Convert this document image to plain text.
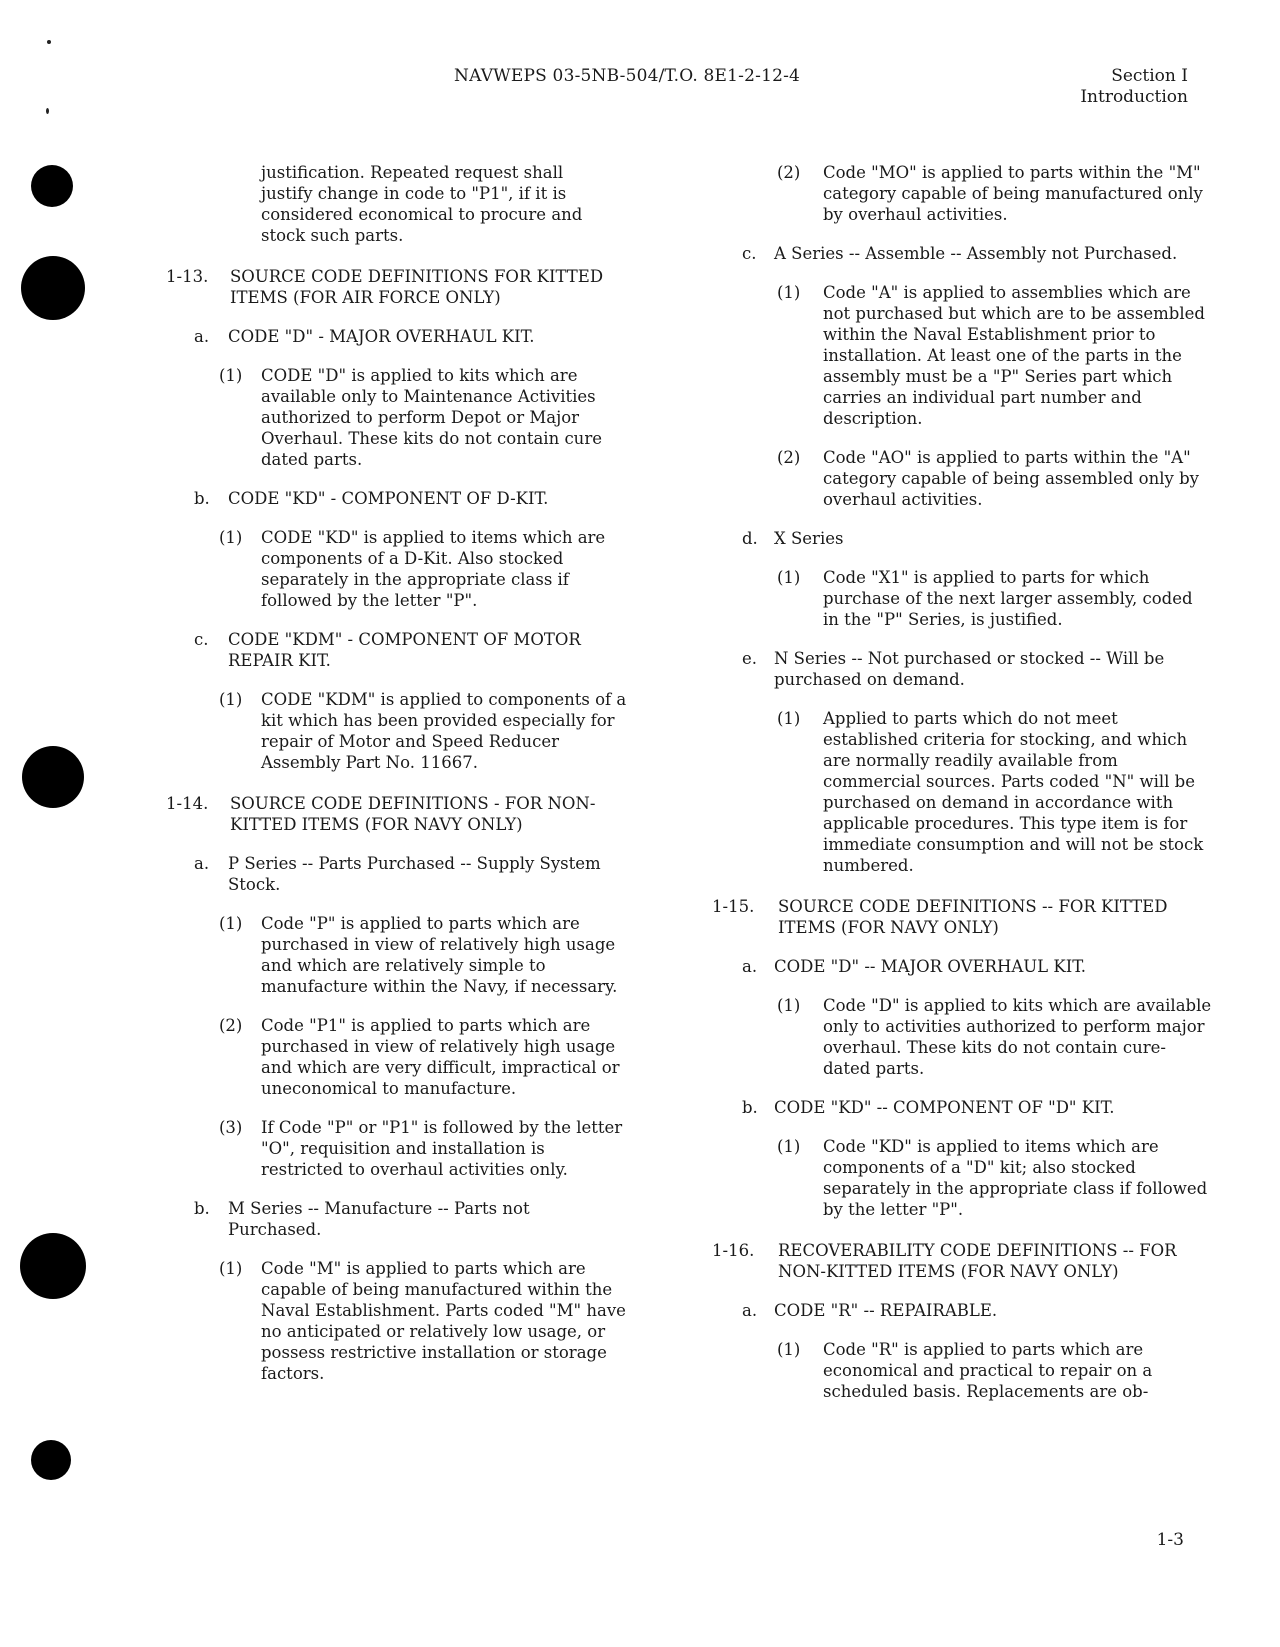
NAVWEPS 03-5NB-504/T.O. 8E1-2-12-4	Section I
Introduction
justification. Repeated request shall justify change in code to "P1", if it is considered economical to procure and stock such parts.
1-13.	SOURCE CODE DEFINITIONS FOR KITTED ITEMS (FOR AIR FORCE ONLY)
a.	CODE "D" - MAJOR OVERHAUL KIT.
(1)	CODE "D" is applied to kits which are available only to Maintenance Activities authorized to perform Depot or Major Overhaul. These kits do not contain cure dated parts.
b.	CODE "KD" - COMPONENT OF D-KIT.
(1)	CODE "KD" is applied to items which are components of a D-Kit. Also stocked separately in the appropriate class if followed by the letter "P".
c.	CODE "KDM" - COMPONENT OF MOTOR REPAIR KIT.
(1)	CODE "KDM" is applied to components of a kit which has been provided especially for repair of Motor and Speed Reducer Assembly Part No. 11667.
1-14.	SOURCE CODE DEFINITIONS - FOR NON-KITTED ITEMS (FOR NAVY ONLY)
a.	P Series -- Parts Purchased -- Supply System Stock.
(1)	Code "P" is applied to parts which are purchased in view of relatively high usage and which are relatively simple to manufacture within the Navy, if necessary.
(2)	Code "P1" is applied to parts which are purchased in view of relatively high usage and which are very difficult, impractical or uneconomical to manufacture.
(3)	If Code "P" or "P1" is followed by the letter "O", requisition and installation is restricted to overhaul activities only.
b.	M Series -- Manufacture -- Parts not Purchased.
(1)	Code "M" is applied to parts which are capable of being manufactured within the Naval Establishment. Parts coded "M" have no anticipated or relatively low usage, or possess restrictive installation or storage factors.
(2)	Code "MO" is applied to parts within the "M" category capable of being manufactured only by overhaul activities.
c.	A Series -- Assemble -- Assembly not Purchased.
(1)	Code "A" is applied to assemblies which are not purchased but which are to be assembled within the Naval Establishment prior to installation. At least one of the parts in the assembly must be a "P" Series part which carries an individual part number and description.
(2)	Code "AO" is applied to parts within the "A" category capable of being assembled only by overhaul activities.
d. X Series
(1)	Code "X1" is applied to parts for which purchase of the next larger assembly, coded in the "P" Series, is justified.
e.	N Series -- Not purchased or stocked -- Will be purchased on demand.
(1)	Applied to parts which do not meet established criteria for stocking, and which are normally readily available from commercial sources. Parts coded "N" will be purchased on demand in accordance with applicable procedures. This type item is for immediate consumption and will not be stock numbered.
1-15.	SOURCE CODE DEFINITIONS -- FOR KITTED ITEMS (FOR NAVY ONLY)
a.	CODE "D" -- MAJOR OVERHAUL KIT.
(1)	Code "D" is applied to kits which are available only to activities authorized to perform major overhaul. These kits do not contain cure-dated parts.
b. CODE "KD" -- COMPONENT OF "D" KIT.
(1)	Code "KD" is applied to items which are components of a "D" kit; also stocked separately in the appropriate class if followed by the letter "P".
1-16.	RECOVERABILITY CODE DEFINITIONS -- FOR NON-KITTED ITEMS (FOR NAVY ONLY)
a.	CODE "R" -- REPAIRABLE.
(1)	Code "R" is applied to parts which are economical and practical to repair on a scheduled basis. Replacements are ob-
1-3
